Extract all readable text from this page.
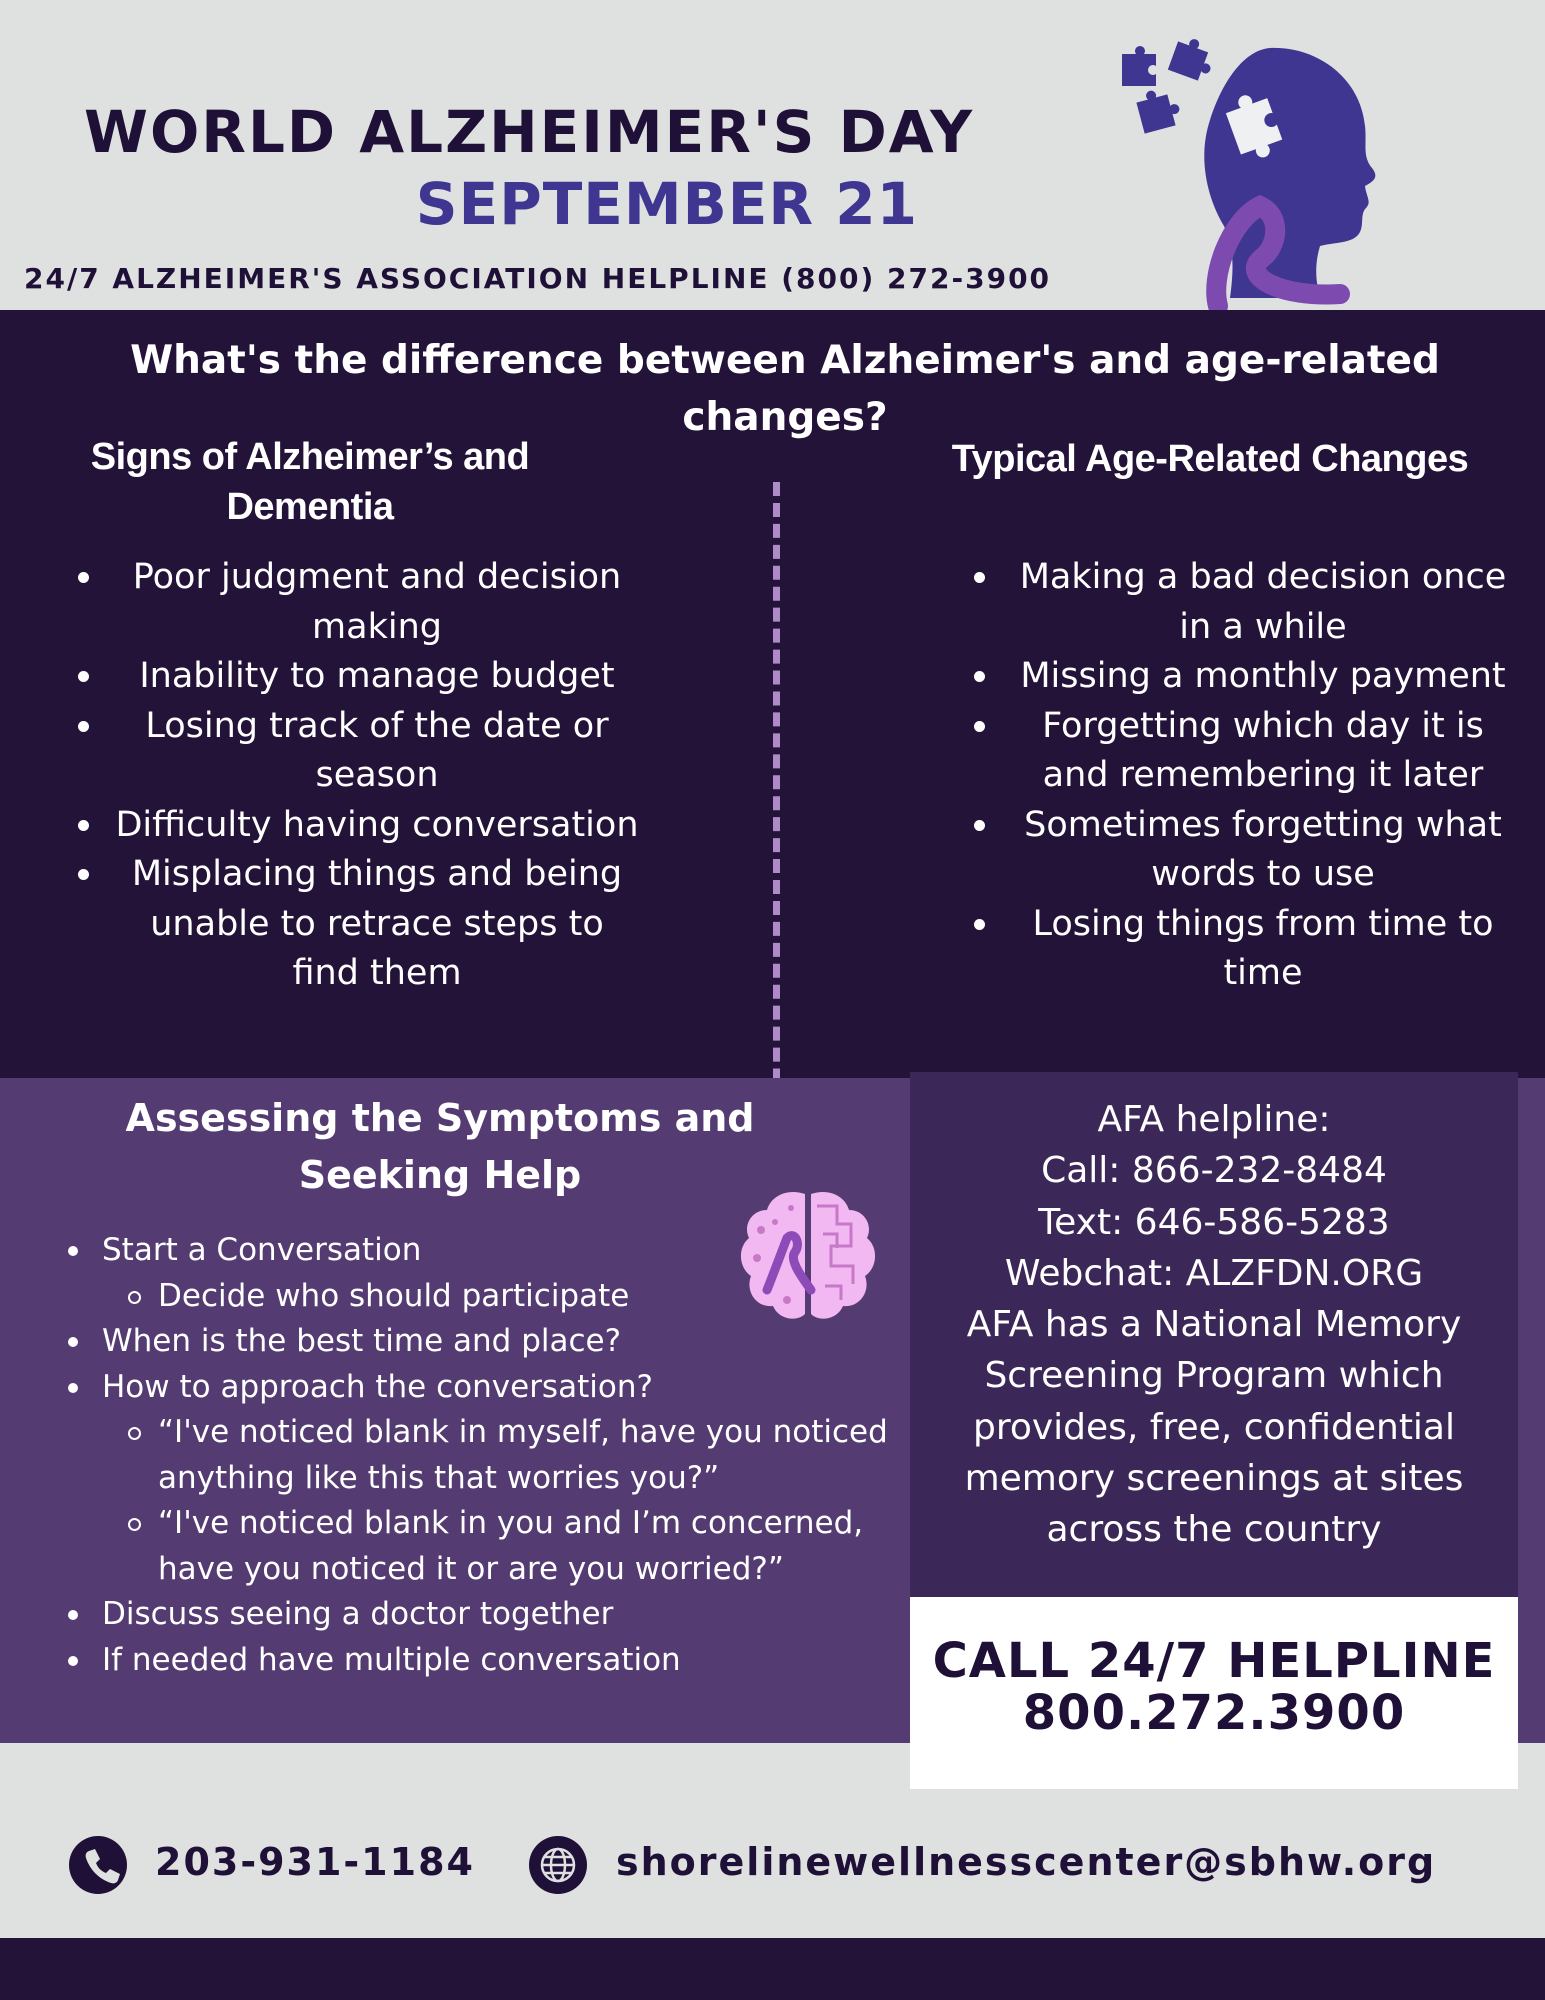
WORLD ALZHEIMER'S DAY
SEPTEMBER 21
24/7 ALZHEIMER'S ASSOCIATION HELPLINE (800) 272-3900
What's the difference between Alzheimer's and age-related changes?
Signs of Alzheimer’s and Dementia
Typical Age-Related Changes
Poor judgment and decision making
Inability to manage budget
Losing track of the date or season
Difficulty having conversation
Misplacing things and being unable to retrace steps to find them
Making a bad decision once in a while
Missing a monthly payment
Forgetting which day it is and remembering it later
Sometimes forgetting what words to use
Losing things from time to time
Assessing the Symptoms and Seeking Help
Start a Conversation
Decide who should participate
When is the best time and place?
How to approach the conversation?
“I've noticed blank in myself, have you noticed anything like this that worries you?”
“I've noticed blank in you and I’m concerned, have you noticed it or are you worried?”
Discuss seeing a doctor together
If needed have multiple conversation
AFA helpline:
Call: 866-232-8484
Text: 646-586-5283
Webchat: ALZFDN.ORG
AFA has a National Memory Screening Program which provides, free, confidential memory screenings at sites across the country
CALL 24/7 HELPLINE
800.272.3900
203-931-1184	shorelinewellnesscenter@sbhw.org
